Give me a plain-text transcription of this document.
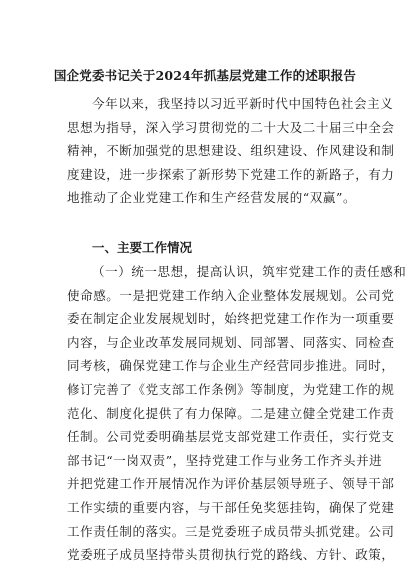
国企党委书记关于2024年抓基层党建工作的述职报告

今年以来，我坚持以习近平新时代中国特色社会主义
思想为指导，深入学习贯彻党的二十大及二十届三中全会
精神，不断加强党的思想建设、组织建设、作风建设和制
度建设，进一步探索了新形势下党建工作的新路子，有力
地推动了企业党建工作和生产经营发展的“双赢”。

一、主要工作情况

（一）统一思想，提高认识，筑牢党建工作的责任感和
使命感。一是把党建工作纳入企业整体发展规划。公司党
委在制定企业发展规划时，始终把党建工作作为一项重要
内容，与企业改革发展同规划、同部署、同落实、同检查
同考核，确保党建工作与企业生产经营同步推进。同时，
修订完善了《党支部工作条例》等制度，为党建工作的规
范化、制度化提供了有力保障。二是建立健全党建工作责
任制。公司党委明确基层党支部党建工作责任，实行党支
部书记“一岗双责”，坚持党建工作与业务工作齐头并进
并把党建工作开展情况作为评价基层领导班子、领导干部
工作实绩的重要内容，与干部任免奖惩挂钩，确保了党建
工作责任制的落实。三是党委班子成员带头抓党建。公司
党委班子成员坚持带头贯彻执行党的路线、方针、政策，
